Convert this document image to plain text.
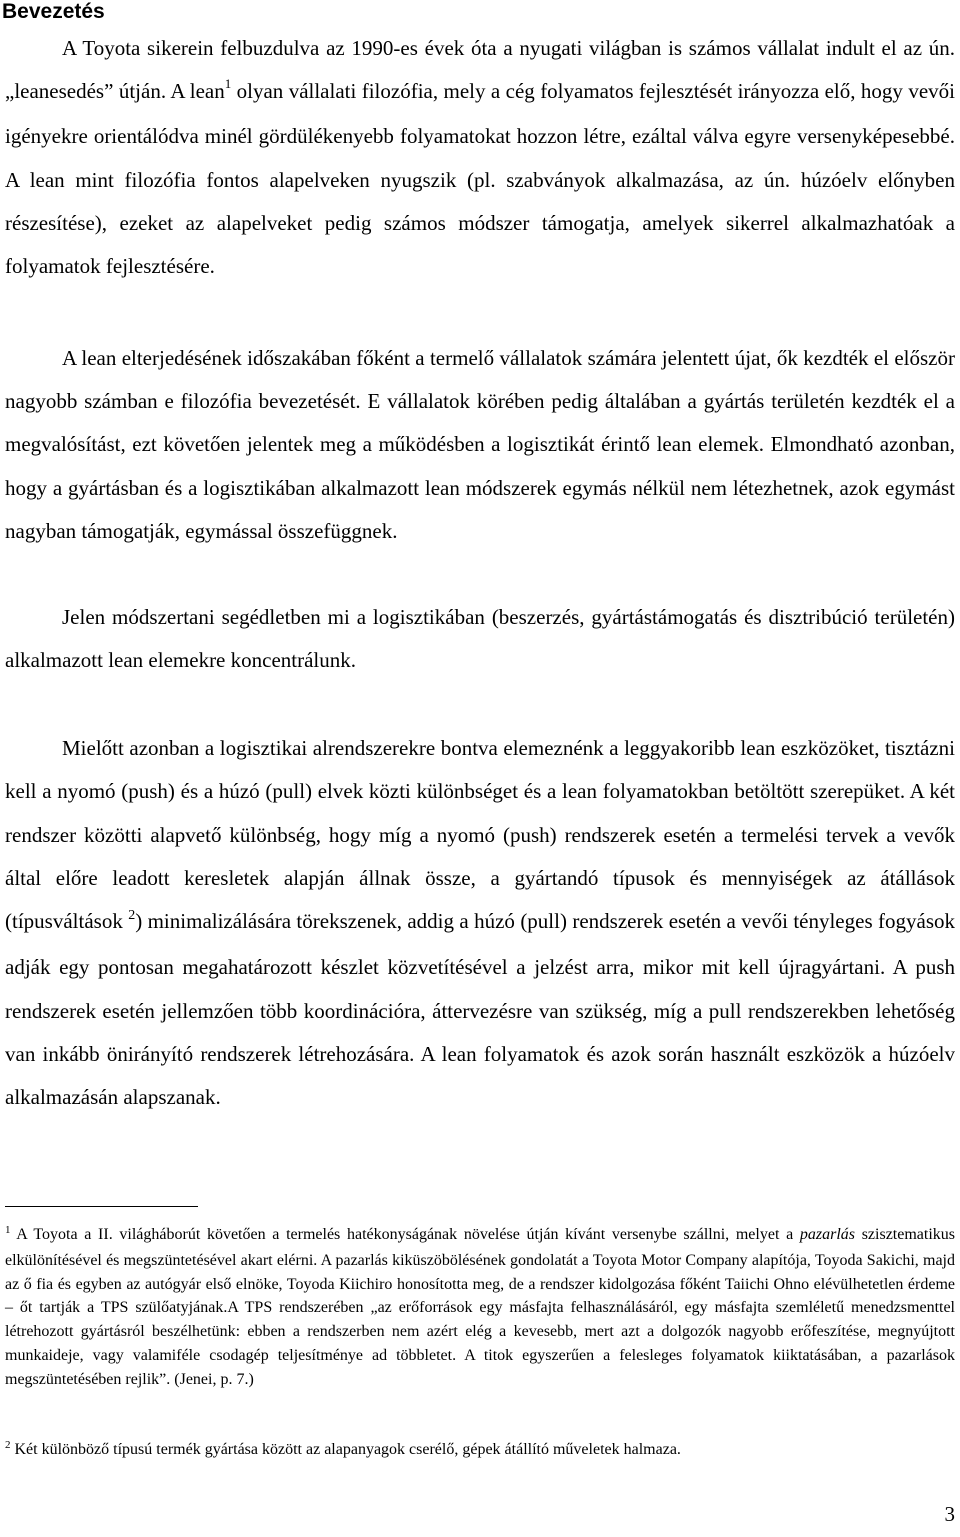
Bevezetés

A Toyota sikerein felbuzdulva az 1990-es évek óta a nyugati világban is számos vállalat indult el az ún. „leanesedés” útján. A lean$^1$ olyan vállalati filozófia, mely a cég folyamatos fejlesztését irányozza elő, hogy vevői igényekre orientálódva minél gördülékenyebb folyamatokat hozzon létre, ezáltal válva egyre versenyképesebbé. A lean mint filozófia fontos alapelveken nyugszik (pl. szabványok alkalmazása, az ún. húzóelv előnyben részesítése), ezeket az alapelveket pedig számos módszer támogatja, amelyek sikerrel alkalmazhatóak a folyamatok fejlesztésére.

A lean elterjedésének időszakában főként a termelő vállalatok számára jelentett újat, ők kezdték el először nagyobb számban e filozófia bevezetését. E vállalatok körében pedig általában a gyártás területén kezdték el a megvalósítást, ezt követően jelentek meg a működésben a logisztikát érintő lean elemek. Elmondható azonban, hogy a gyártásban és a logisztikában alkalmazott lean módszerek egymás nélkül nem létezhetnek, azok egymást nagyban támogatják, egymással összefüggnek.

Jelen módszertani segédletben mi a logisztikában (beszerzés, gyártástámogatás és disztribúció területén) alkalmazott lean elemekre koncentrálunk.

Mielőtt azonban a logisztikai alrendszerekre bontva elemeznénk a leggyakoribb lean eszközöket, tisztázni kell a nyomó (push) és a húzó (pull) elvek közti különbséget és a lean folyamatokban betöltött szerepüket. A két rendszer közötti alapvető különbség, hogy míg a nyomó (push) rendszerek esetén a termelési tervek a vevők által előre leadott keresletek alapján állnak össze, a gyártandó típusok és mennyiségek az átállások (típusváltások $^2$) minimalizálására törekszenek, addig a húzó (pull) rendszerek esetén a vevői tényleges fogyások adják egy pontosan megahatározott készlet közvetítésével a jelzést arra, mikor mit kell újragyártani. A push rendszerek esetén jellemzően több koordinációra, áttervezésre van szükség, míg a pull rendszerekben lehetőség van inkább önirányító rendszerek létrehozására. A lean folyamatok és azok során használt eszközök a húzóelv alkalmazásán alapszanak.

$^1$ A Toyota a II. világháborút követően a termelés hatékonyságának növelése útján kívánt versenybe szállni, melyet a pazarlás szisztematikus elkülönítésével és megszüntetésével akart elérni. A pazarlás kiküszöbölésének gondolatát a Toyota Motor Company alapítója, Toyoda Sakichi, majd az ő fia és egyben az autógyár első elnöke, Toyoda Kiichiro honosította meg, de a rendszer kidolgozása főként Taiichi Ohno elévülhetetlen érdeme – őt tartják a TPS szülőatyjának.A TPS rendszerében „az erőforrások egy másfajta felhasználásáról, egy másfajta szemléletű menedzsmenttel létrehozott gyártásról beszélhetünk: ebben a rendszerben nem azért elég a kevesebb, mert azt a dolgozók nagyobb erőfeszítése, megnyújtott munkaideje, vagy valamiféle csodagép teljesítménye ad többletet. A titok egyszerűen a felesleges folyamatok kiiktatásában, a pazarlások megszüntetésében rejlik”. (Jenei, p. 7.)

$^2$ Két különböző típusú termék gyártása között az alapanyagok cserélő, gépek átállító műveletek halmaza.

3
